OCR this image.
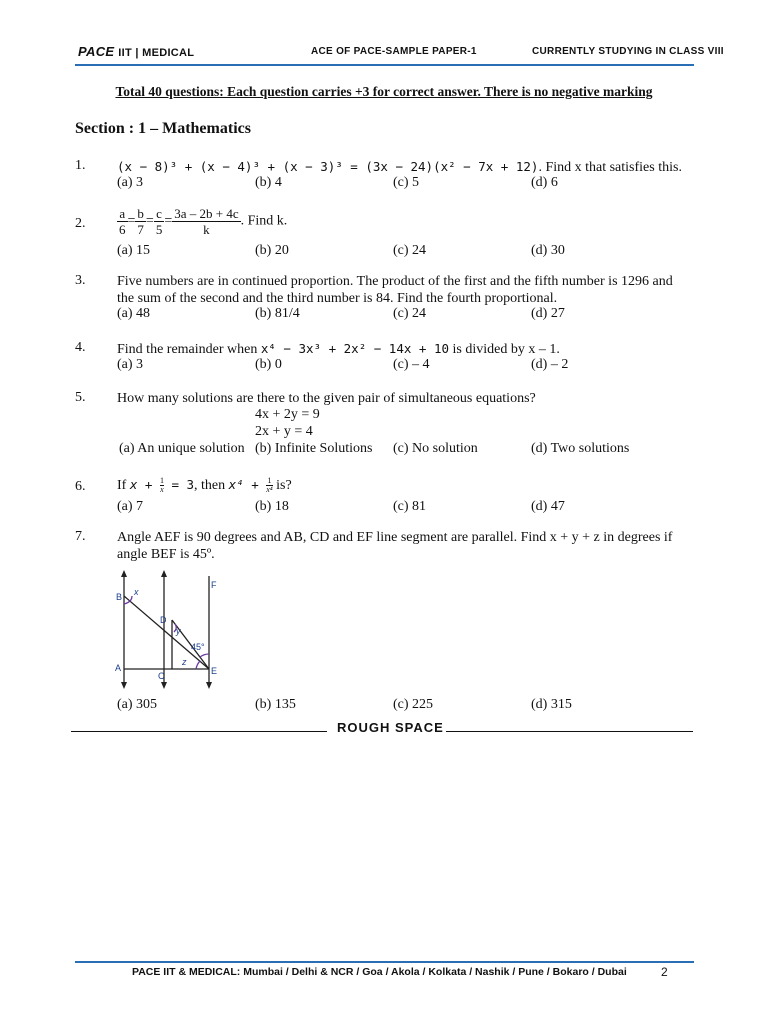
PACE IIT | MEDICAL	ACE OF PACE-SAMPLE PAPER-1	CURRENTLY STUDYING IN CLASS VIII
Total 40 questions: Each question carries +3 for correct answer. There is no negative marking
Section : 1 – Mathematics
1.	(x − 8)³ + (x − 4)³ + (x − 3)³ = (3x − 24)(x² − 7x + 12). Find x that satisfies this.
(a) 3	(b) 4	(c) 5	(d) 6
2. $\frac{a}{6} = \frac{b}{7} = \frac{c}{5} = \frac{3a - 2b + 4c}{k}$ . Find k.
(a) 15	(b) 20	(c) 24	(d) 30
3. Five numbers are in continued proportion. The product of the first and the fifth number is 1296 and the sum of the second and the third number is 84. Find the fourth proportional.
(a) 48	(b) 81/4	(c) 24	(d) 27
4. Find the remainder when x⁴ − 3x³ + 2x² − 14x + 10 is divided by x – 1.
(a) 3	(b) 0	(c) – 4	(d) – 2
5. How many solutions are there to the given pair of simultaneous equations?
4x + 2y = 9
2x + y = 4
(a) An unique solution (b) Infinite Solutions (c) No solution	(d) Two solutions
6. If $x + \frac{1}{x} = 3$, then $x^4 + \frac{1}{\text{x⁴}}$ is?
(a) 7	(b) 18	(c) 81	(d) 47
7. Angle AEF is 90 degrees and AB, CD and EF line segment are parallel. Find x + y + z in degrees if angle BEF is 45º.
B x
D
y
F
45°
z
A
C	E
(a) 305	(b) 135	(c) 225	(d) 315
ROUGH SPACE
PACE IIT & MEDICAL: Mumbai / Delhi & NCR / Goa / Akola / Kolkata / Nashik / Pune / Bokaro / Dubai	2
